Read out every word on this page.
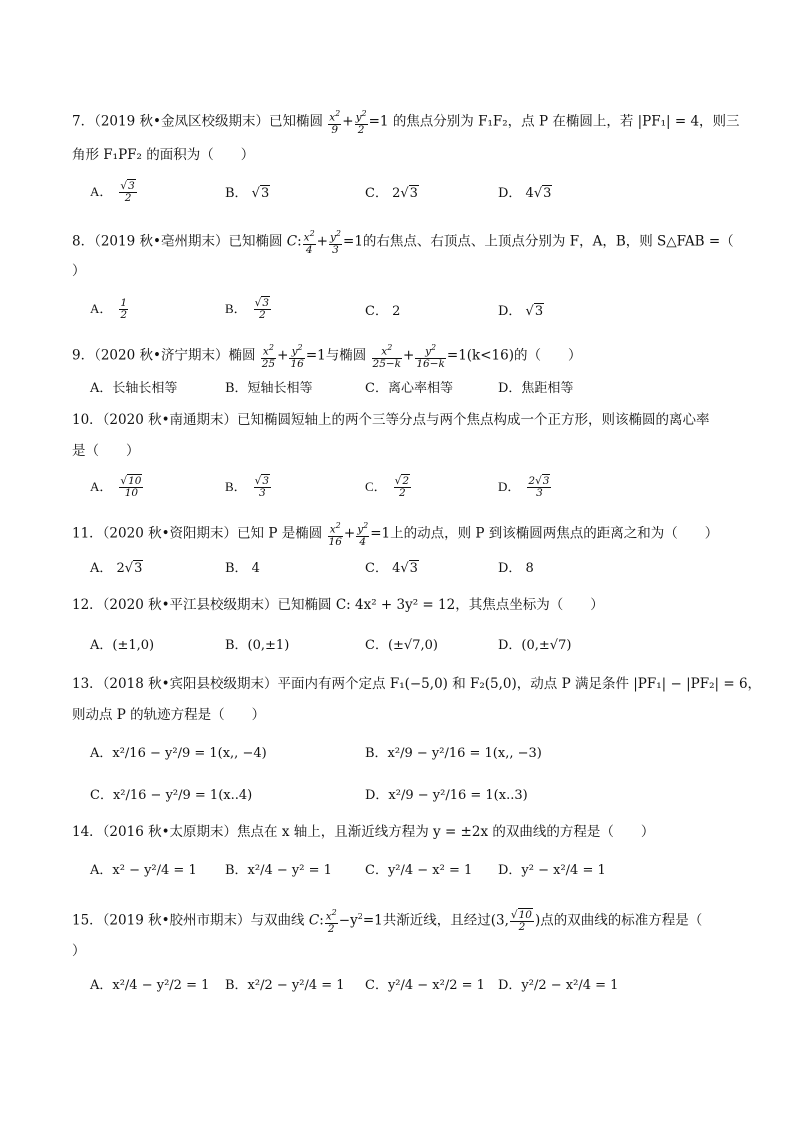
7．（2019 秋•金凤区校级期末）已知椭圆 $\frac{x^2}{9} + \frac{y^2}{2} =1$ 的焦点分别为 F₁F₂，点 P 在椭圆上，若 |PF₁| = 4，则三
角形 F₁PF₂ 的面积为（　　）
A． $\frac{√3}{2}$	B． √3	C． 2√3	D． 4√3
8．（2019 秋•亳州期末）已知椭圆 C: $\frac{x^2}{4} + \frac{y^2}{3} =1$的右焦点、右顶点、上顶点分别为 F，A，B，则 S△FAB =（
）
A． $\frac{1}{2}$	B． $\frac{√3}{2}$	C． 2	D． √3
9．（2020 秋•济宁期末）椭圆 $\frac{x^2}{25} + \frac{y^2}{16} =1$与椭圆 $\frac{x^2}{25-k} + \frac{y^2}{16-k} =1(k<16)$的（　　）
A．长轴长相等	B．短轴长相等	C．离心率相等	D．焦距相等
10．（2020 秋•南通期末）已知椭圆短轴上的两个三等分点与两个焦点构成一个正方形，则该椭圆的离心率
是（　　）
A． $\frac{√10}{10}$	B． $\frac{√3}{3}$	C． $\frac{√2}{2}$	D． $\frac{2√3}{3}$
11．（2020 秋•资阳期末）已知 P 是椭圆 $\frac{x^2}{16} + \frac{y^2}{4} =1$上的动点，则 P 到该椭圆两焦点的距离之和为（　　）
A． 2√3	B． 4	C． 4√3	D． 8
12．（2020 秋•平江县校级期末）已知椭圆 C: 4x² + 3y² = 12，其焦点坐标为（　　）
A．(±1,0)	B．(0,±1)	C．(±√7,0)	D．(0,±√7)
13．（2018 秋•宾阳县校级期末）平面内有两个定点 F₁(−5,0) 和 F₂(5,0)，动点 P 满足条件 |PF₁| − |PF₂| = 6，
则动点 P 的轨迹方程是（　　）
A．x²/16 − y²/9 = 1(x,, −4)	B．x²/9 − y²/16 = 1(x,, −3)
C．x²/16 − y²/9 = 1(x..4)	D．x²/9 − y²/16 = 1(x..3)
14．（2016 秋•太原期末）焦点在 x 轴上，且渐近线方程为 y = ±2x 的双曲线的方程是（　　）
A．x² − y²/4 = 1 B．x²/4 − y² = 1	C．y²/4 − x² = 1 D．y² − x²/4 = 1
15．（2019 秋•胶州市期末）与双曲线 C: $\frac{x^2}{2} -y^2=1$共渐近线，且经过(3, $\frac{√10}{2}$ )点的双曲线的标准方程是（
）
A．x²/4 − y²/2 = 1 B．x²/2 − y²/4 = 1 C．y²/4 − x²/2 = 1 D．y²/2 − x²/4 = 1
